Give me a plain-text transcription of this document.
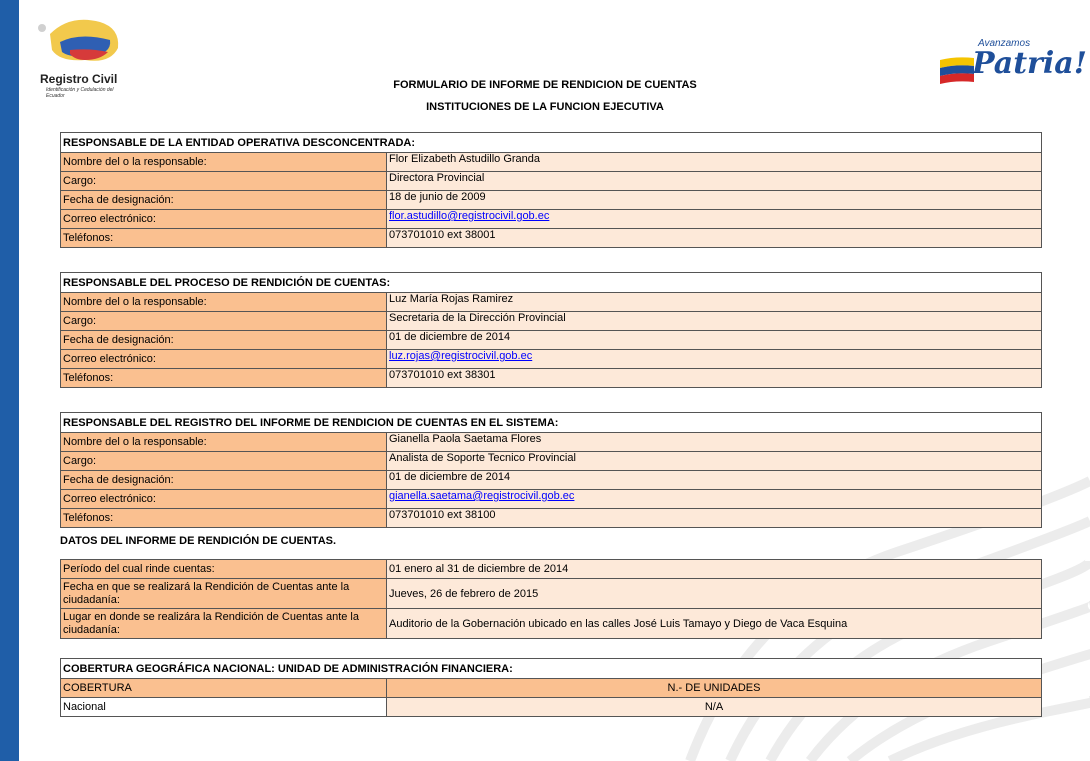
Registro Civil
Identificación y Cedulación del Ecuador
Avanzamos
Patria!
FORMULARIO DE INFORME DE RENDICION DE CUENTAS
INSTITUCIONES DE LA FUNCION EJECUTIVA
RESPONSABLE DE LA ENTIDAD OPERATIVA DESCONCENTRADA:	
Nombre del o la responsable:	Flor Elizabeth Astudillo Granda
Cargo:	Directora Provincial
Fecha de designación:	18 de junio de 2009
Correo electrónico:	flor.astudillo@registrocivil.gob.ec
Teléfonos:	073701010 ext 38001
RESPONSABLE DEL PROCESO DE RENDICIÓN DE CUENTAS:	
Nombre del o la responsable:	Luz María Rojas Ramirez
Cargo:	Secretaria de la Dirección Provincial
Fecha de designación:	01 de diciembre de 2014
Correo electrónico:	luz.rojas@registrocivil.gob.ec
Teléfonos:	073701010 ext 38301
RESPONSABLE DEL REGISTRO DEL INFORME DE RENDICION DE CUENTAS EN EL SISTEMA:	
Nombre del o la responsable:	Gianella Paola Saetama Flores
Cargo:	Analista de Soporte Tecnico Provincial
Fecha de designación:	01 de diciembre de 2014
Correo electrónico:	gianella.saetama@registrocivil.gob.ec
Teléfonos:	073701010 ext 38100
DATOS DEL INFORME DE RENDICIÓN DE CUENTAS.
Período del cual rinde cuentas:	01 enero al 31 de diciembre de 2014
Fecha en que se realizará la Rendición de Cuentas ante la ciudadanía:	Jueves, 26 de febrero de 2015
Lugar en donde se realizára la Rendición de Cuentas ante la ciudadanía:	Auditorio de la Gobernación ubicado en las calles José Luis Tamayo y Diego de Vaca Esquina
COBERTURA GEOGRÁFICA NACIONAL: UNIDAD DE ADMINISTRACIÓN FINANCIERA:	
COBERTURA	N.- DE UNIDADES
Nacional	N/A
